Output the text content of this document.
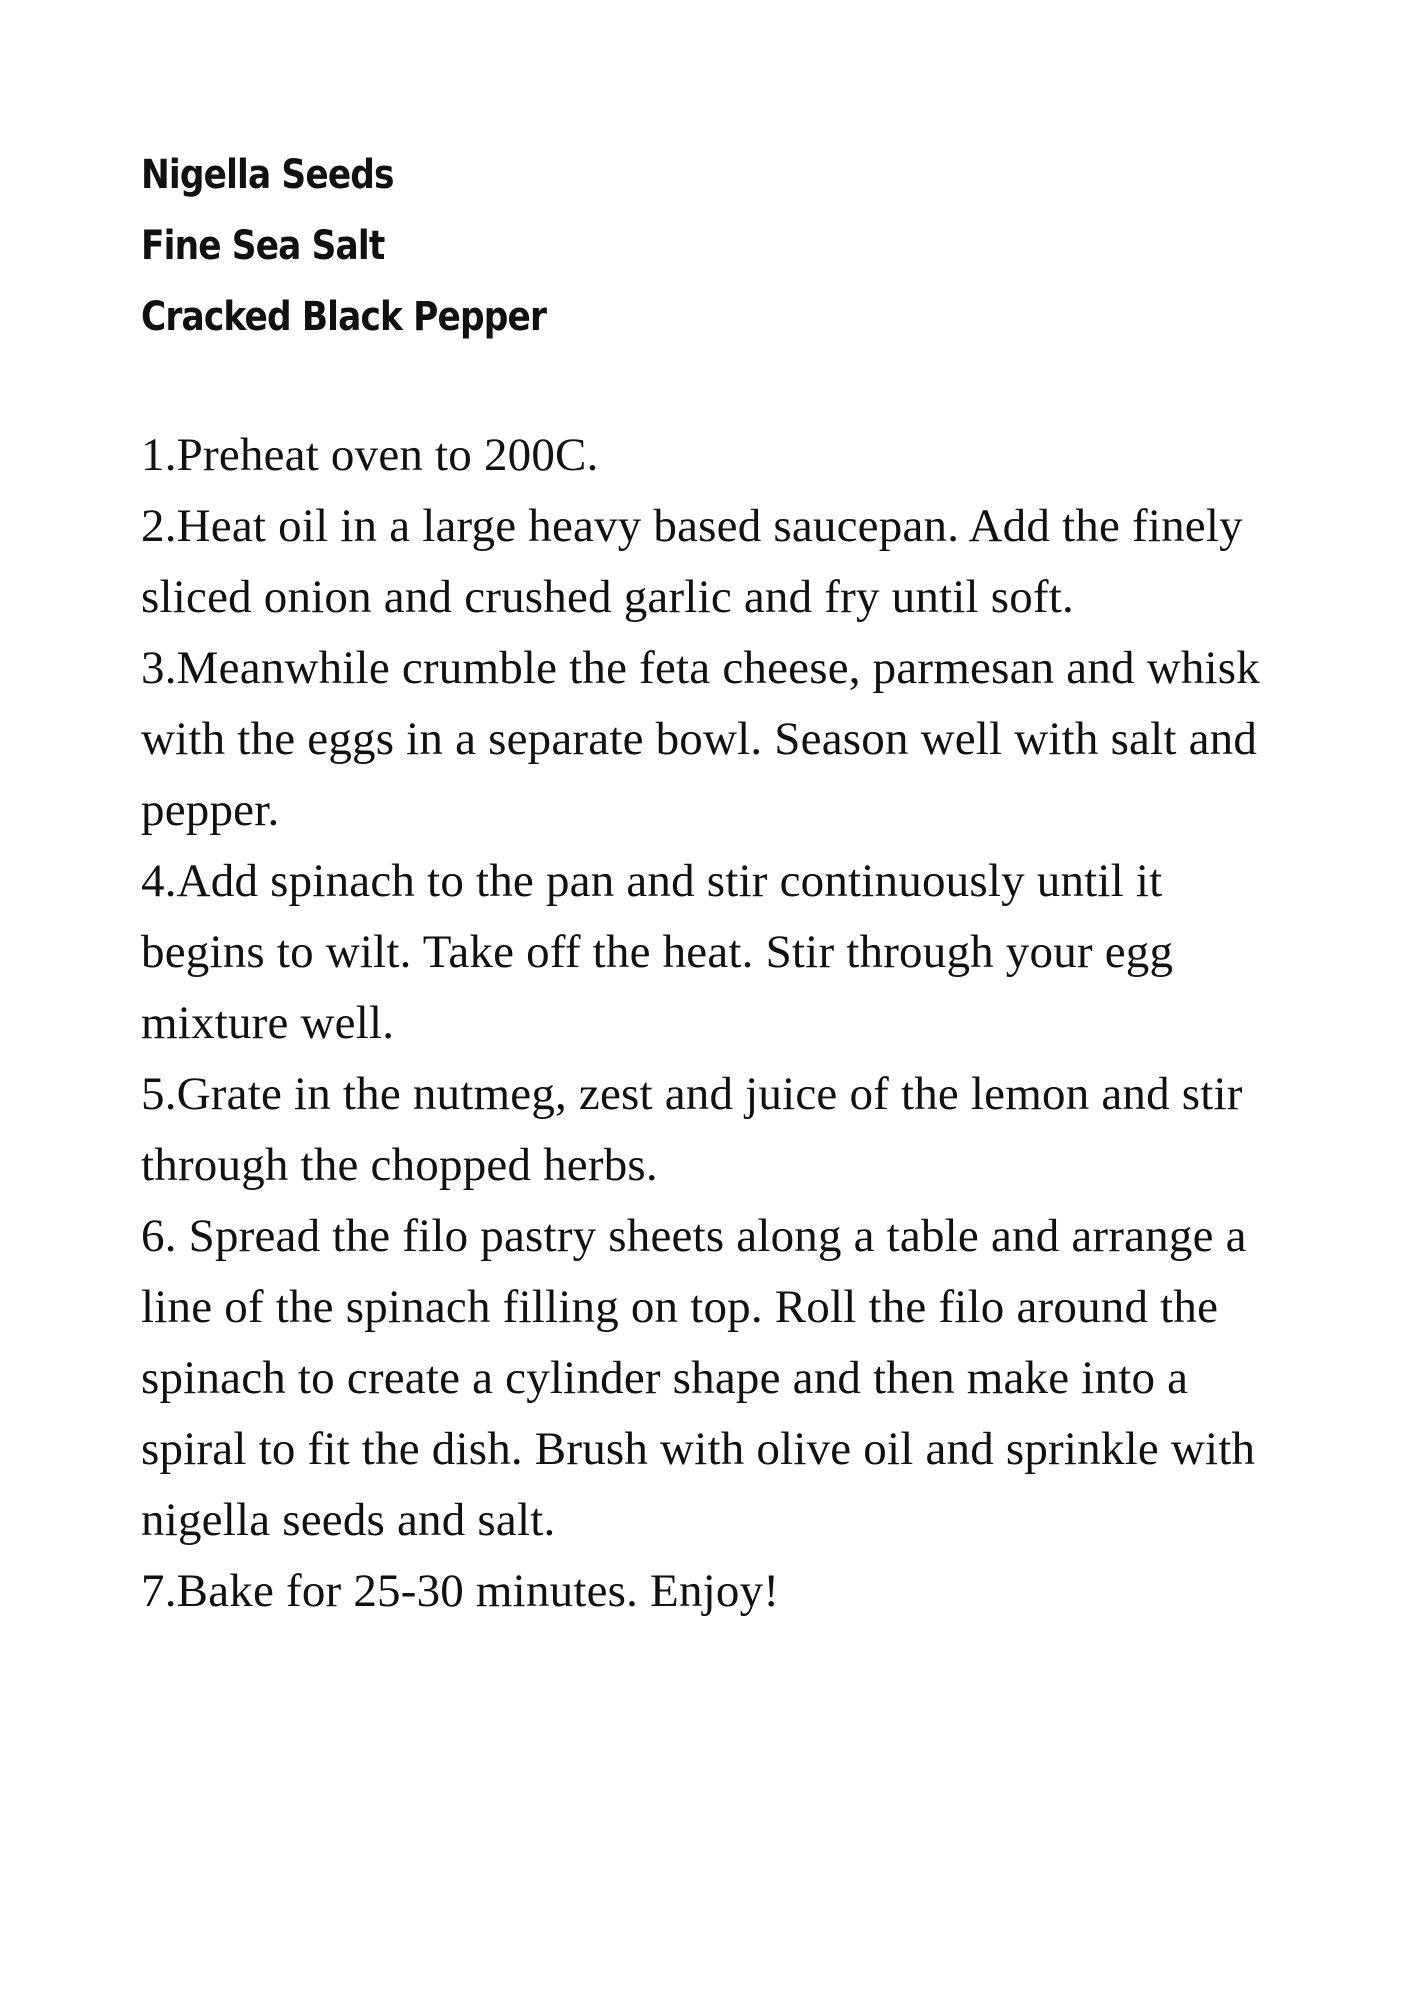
Nigella Seeds
Fine Sea Salt
Cracked Black Pepper
1.Preheat oven to 200C.
2.Heat oil in a large heavy based saucepan. Add the finely sliced onion and crushed garlic and fry until soft.
3.Meanwhile crumble the feta cheese, parmesan and whisk with the eggs in a separate bowl. Season well with salt and pepper.
4.Add spinach to the pan and stir continuously until it begins to wilt. Take off the heat. Stir through your egg mixture well.
5.Grate in the nutmeg, zest and juice of the lemon and stir through the chopped herbs.
6. Spread the filo pastry sheets along a table and arrange a line of the spinach filling on top. Roll the filo around the spinach to create a cylinder shape and then make into a spiral to fit the dish. Brush with olive oil and sprinkle with nigella seeds and salt.
7.Bake for 25-30 minutes. Enjoy!
